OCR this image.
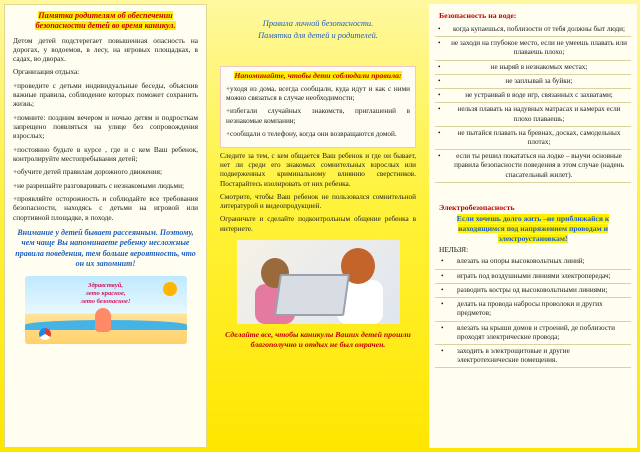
Памятка родителям об обеспечении безопасности детей во время каникул.

Детом детей подстерегает повышенная опасность на дорогах, у водоемов, в лесу, на игровых площадках, в садах, во дворах.

Организация отдыха:

+проведите с детьми индивидуальные беседы, объяснив важные правила, соблюдение которых поможет сохранить жизнь;

+помните: поздним вечером и ночью детям и подросткам запрещено появляться на улице без сопровождения взрослых;

+постоянно будьте в курсе , где и с кем Ваш ребенок, контролируйте местопребывания детей;

+обучите детей правилам дорожного движения;

+не разрешайте разговаривать с незнакомыми людьми;

+проявляйте осторожность и соблюдайте все требования безопасности, находясь с детьми на игровой или спортивной площадке, в походе.

Внимание у детей бывает рассеянным. Поэтому, чем чаще Вы напоминаете ребенку несложные правила поведения, тем больше вероятность, что он их запомнит!
Здравствуй,
лето красное,
лето безопасное!
Правила личной безопасности.
Памятка для детей и родителей.
Напоминайте, чтобы дети соблюдали правила:

+уходя из дома, всегда сообщали, куда идут и как с ними можно связаться в случае необходимости;

+избегали случайных знакомств, приглашений в незнакомые компании;

+сообщали о телефону, когда они возвращаются домой.

Следите за тем, с кем общается Ваш ребенок и где он бывает, нет ли среди его знакомых сомнительных взрослых или подверженных криминальному влиянию сверстников. Постарайтесь изолировать от них ребенка.

Смотрите, чтобы Ваш ребенок не пользовался сомнительной литературой и видеопродукцией.

Ограничьте и сделайте подконтрольным общение ребенка в интернете.

Сделайте все, чтобы каникулы Ваших детей прошли благополучно и отдых не был омрачен.
Безопасность на воде:
• когда купаешься, поблизости от тебя должны быт люди;
• не заходи на глубокое место, если не умеешь плавать или плаваешь плохо;
•	не ныряй в незнакомых местах;
•	не заплывай за буйки;
•	не устраивай в воде игр, связанных с захватами;
• нельзя плавать на надувных матрасах и камерах если плохо плаваешь;
• не пытайся плавать на бревнах, досках, самодельных плотах;
• если ты решил покататься на лодке – выучи основные правила безопасности поведения в этом случае (надень спасательный жилет).
Электробезопасность
Если хочешь долго жить –не приближайся к находящимся под напряжением проводам и электроустановкам!
НЕЛЬЗЯ:
• влезать на опоры высоковольтных линий;
• играть под воздушными линиями электропередач;
• разводить костры од высоковольтными линиями;
• делать на провода набросы проволоки и других предметов;
• влезать на крыши домов и строений, де поблизости проходят электрические провода;
• заходить в электрощитовые и другие электротехнические помещения.
